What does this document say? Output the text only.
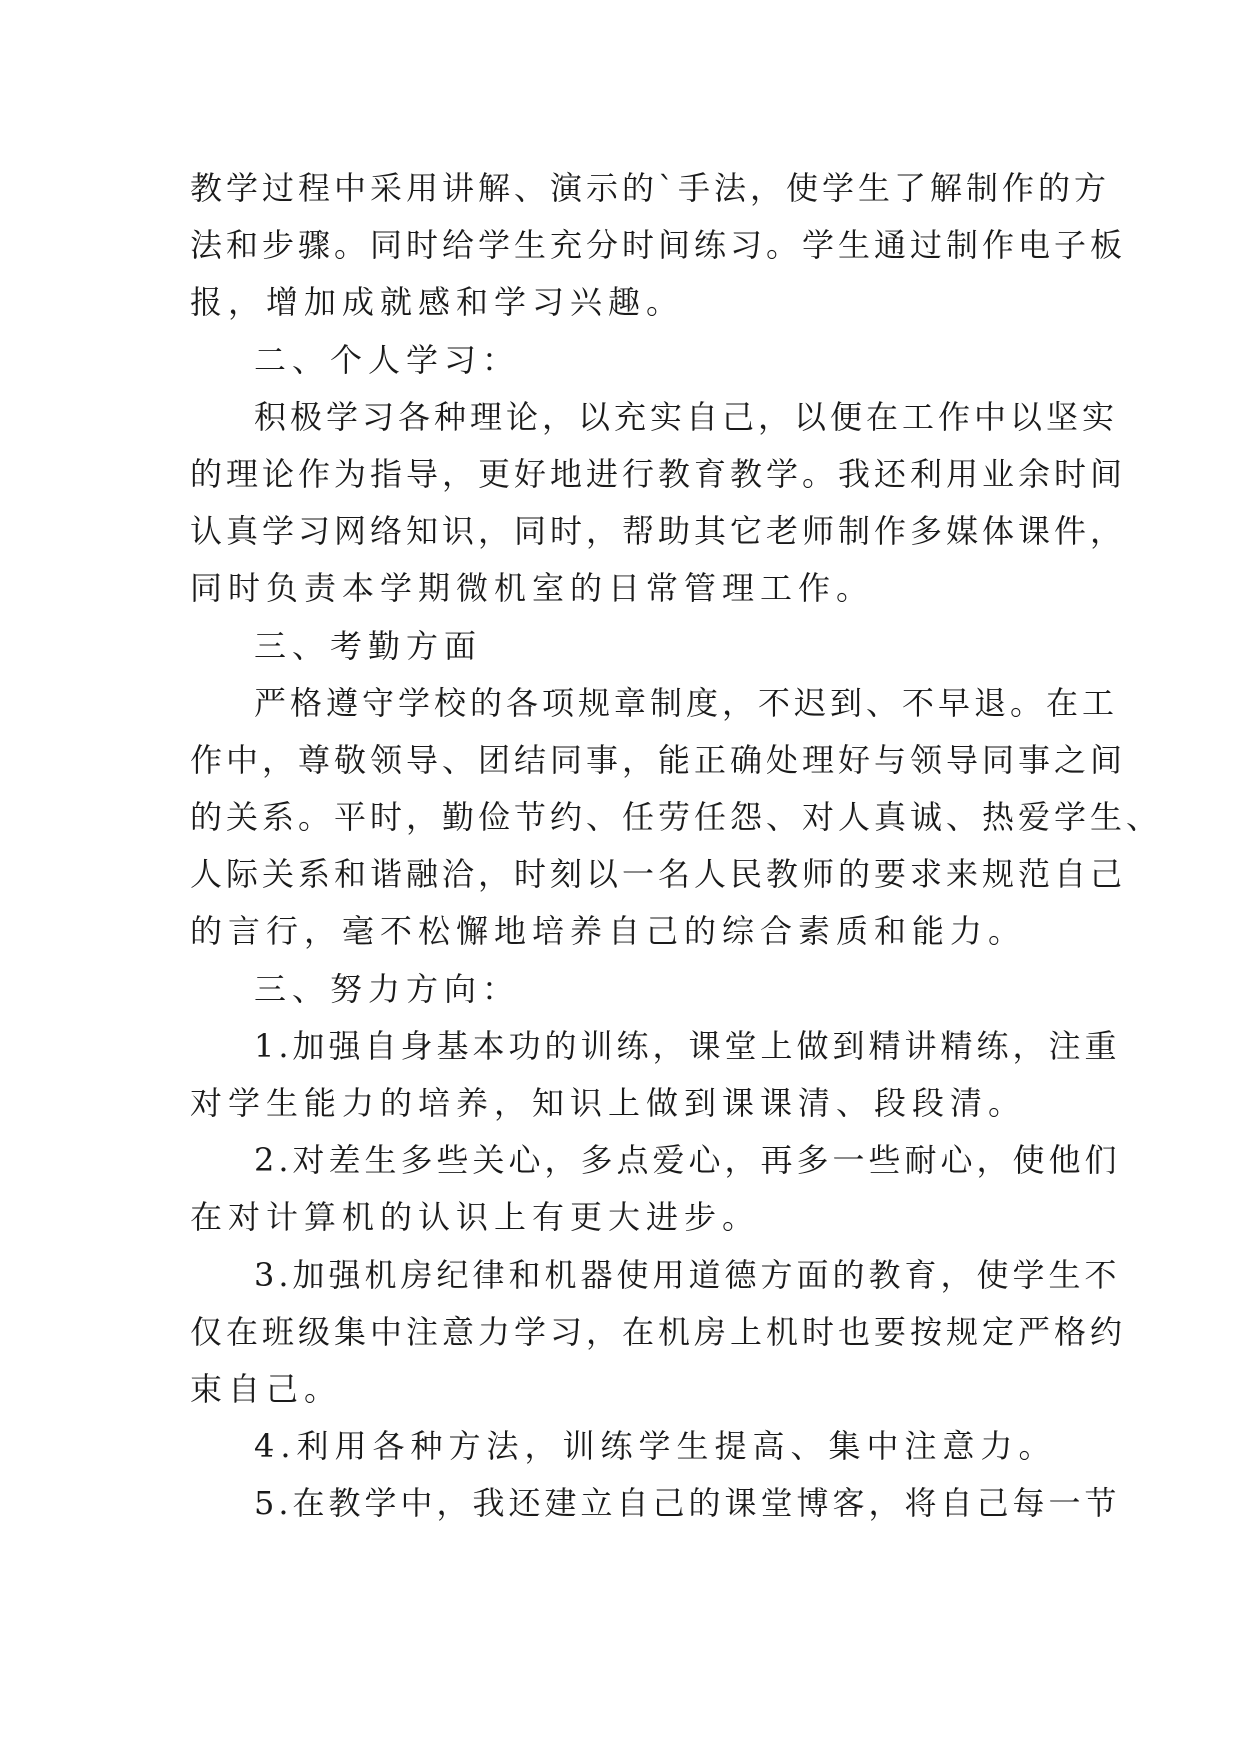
教学过程中采用讲解、演示的`手法，使学生了解制作的方
法和步骤。同时给学生充分时间练习。学生通过制作电子板
报，增加成就感和学习兴趣。
二、个人学习：
积极学习各种理论，以充实自己，以便在工作中以坚实
的理论作为指导，更好地进行教育教学。我还利用业余时间
认真学习网络知识，同时，帮助其它老师制作多媒体课件，
同时负责本学期微机室的日常管理工作。
三、考勤方面
严格遵守学校的各项规章制度，不迟到、不早退。在工
作中，尊敬领导、团结同事，能正确处理好与领导同事之间
的关系。平时，勤俭节约、任劳任怨、对人真诚、热爱学生、
人际关系和谐融洽，时刻以一名人民教师的要求来规范自己
的言行，毫不松懈地培养自己的综合素质和能力。
三、努力方向：
1.加强自身基本功的训练，课堂上做到精讲精练，注重
对学生能力的培养，知识上做到课课清、段段清。
2.对差生多些关心，多点爱心，再多一些耐心，使他们
在对计算机的认识上有更大进步。
3.加强机房纪律和机器使用道德方面的教育，使学生不
仅在班级集中注意力学习，在机房上机时也要按规定严格约
束自己。
4.利用各种方法，训练学生提高、集中注意力。
5.在教学中，我还建立自己的课堂博客，将自己每一节
